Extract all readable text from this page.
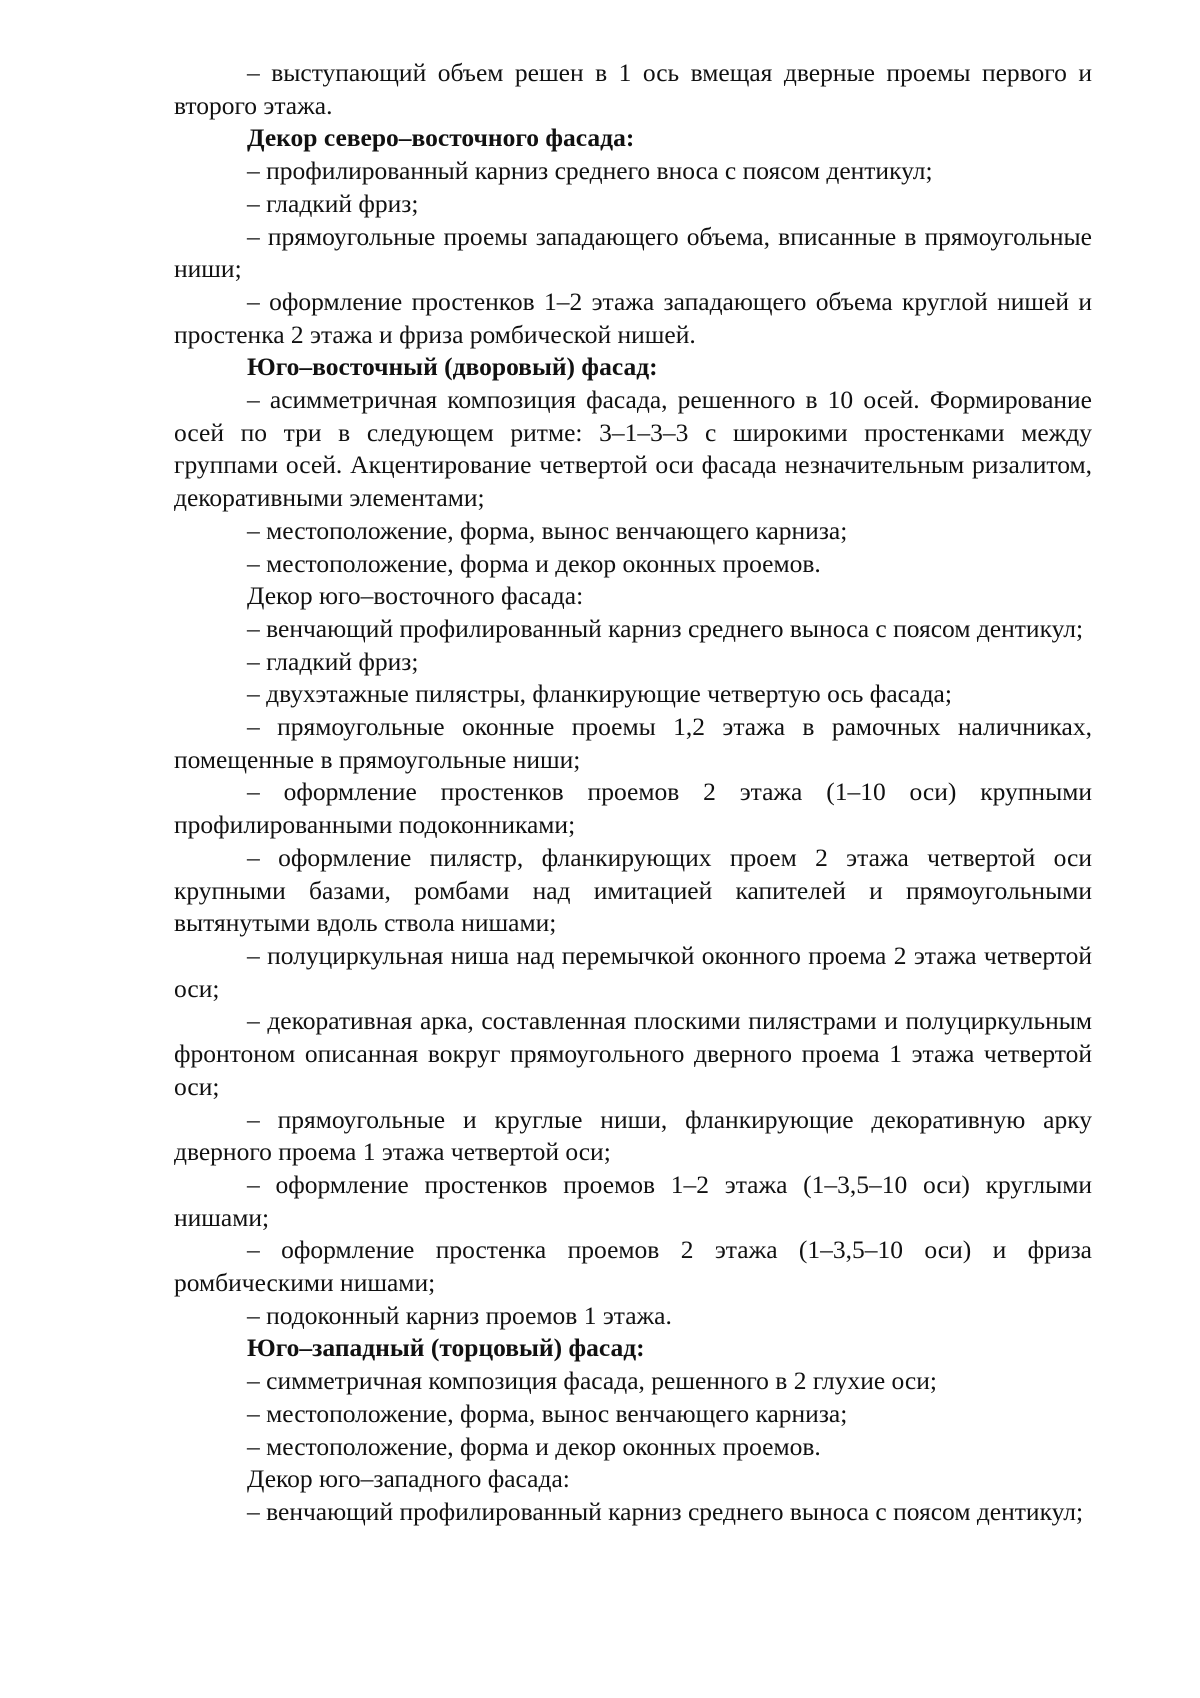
– выступающий объем решен в 1 ось вмещая дверные проемы первого и второго этажа.

Декор северо–восточного фасада:

– профилированный карниз среднего вноса с поясом дентикул;

– гладкий фриз;

– прямоугольные проемы западающего объема, вписанные в прямоугольные ниши;

– оформление простенков 1–2 этажа западающего объема круглой нишей и простенка 2 этажа и фриза ромбической нишей.

Юго–восточный (дворовый) фасад:

– асимметричная композиция фасада, решенного в 10 осей. Формирование осей по три в следующем ритме: 3–1–3–3 с широкими простенками между группами осей. Акцентирование четвертой оси фасада незначительным ризалитом, декоративными элементами;

– местоположение, форма, вынос венчающего карниза;

– местоположение, форма и декор оконных проемов.

Декор юго–восточного фасада:

– венчающий профилированный карниз среднего выноса с поясом дентикул;

– гладкий фриз;

– двухэтажные пилястры, фланкирующие четвертую ось фасада;

– прямоугольные оконные проемы 1,2 этажа в рамочных наличниках, помещенные в прямоугольные ниши;

– оформление простенков проемов 2 этажа (1–10 оси) крупными профилированными подоконниками;

– оформление пилястр, фланкирующих проем 2 этажа четвертой оси крупными базами, ромбами над имитацией капителей и прямоугольными вытянутыми вдоль ствола нишами;

– полуциркульная ниша над перемычкой оконного проема 2 этажа четвертой оси;

– декоративная арка, составленная плоскими пилястрами и полуциркульным фронтоном описанная вокруг прямоугольного дверного проема 1 этажа четвертой оси;

– прямоугольные и круглые ниши, фланкирующие декоративную арку дверного проема 1 этажа четвертой оси;

– оформление простенков проемов 1–2 этажа (1–3,5–10 оси) круглыми нишами;

– оформление простенка проемов 2 этажа (1–3,5–10 оси) и фриза ромбическими нишами;

– подоконный карниз проемов 1 этажа.

Юго–западный (торцовый) фасад:

– симметричная композиция фасада, решенного в 2 глухие оси;

– местоположение, форма, вынос венчающего карниза;

– местоположение, форма и декор оконных проемов.

Декор юго–западного фасада:

– венчающий профилированный карниз среднего выноса с поясом дентикул;
